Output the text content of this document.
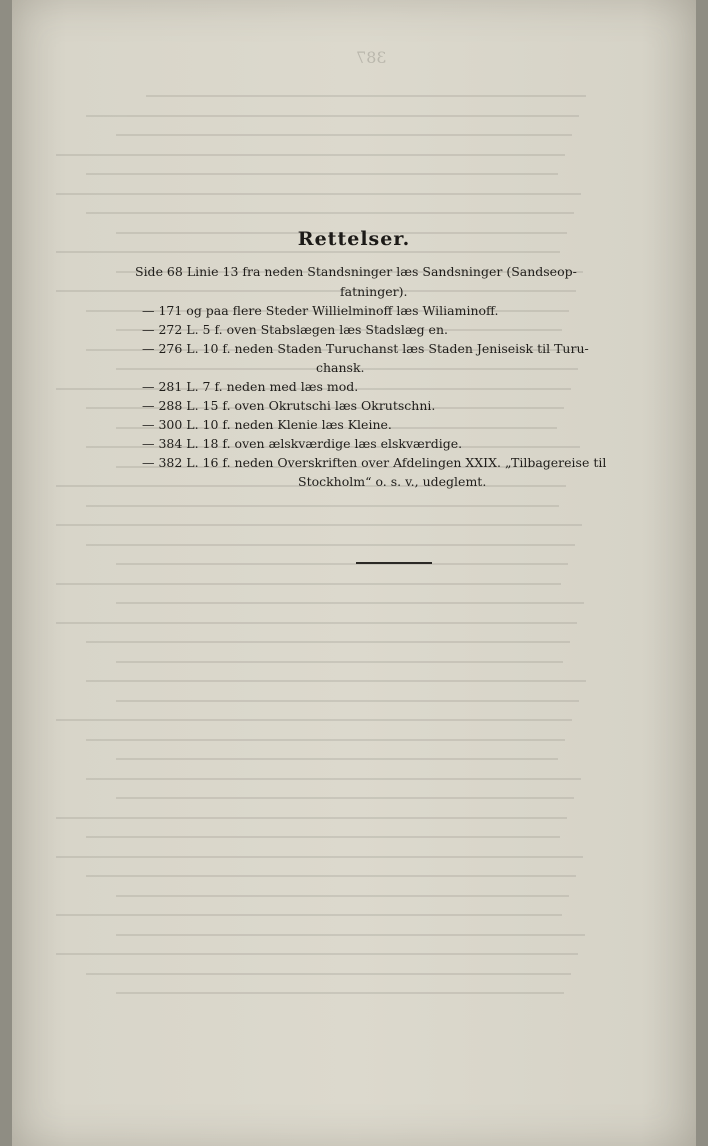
387
Rettelser.
Side 68 Linie 13 fra neden Standsninger læs Sandsninger (Sandseop-
fatninger).
— 171 og paa flere Steder Willielminoff læs Wiliaminoff.
— 272 L. 5 f. oven Stabslægen læs Stadslæg en.
— 276 L. 10 f. neden Staden Turuchanst læs Staden Jeniseisk til Turu-
chansk.
— 281 L. 7 f. neden med læs mod.
— 288 L. 15 f. oven Okrutschi læs Okrutschni.
— 300 L. 10 f. neden Klenie læs Kleine.
— 384 L. 18 f. oven ælskværdige læs elskværdige.
— 382 L. 16 f. neden Overskriften over Afdelingen XXIX. „Tilbagereise til
Stockholm“ o. s. v., udeglemt.
